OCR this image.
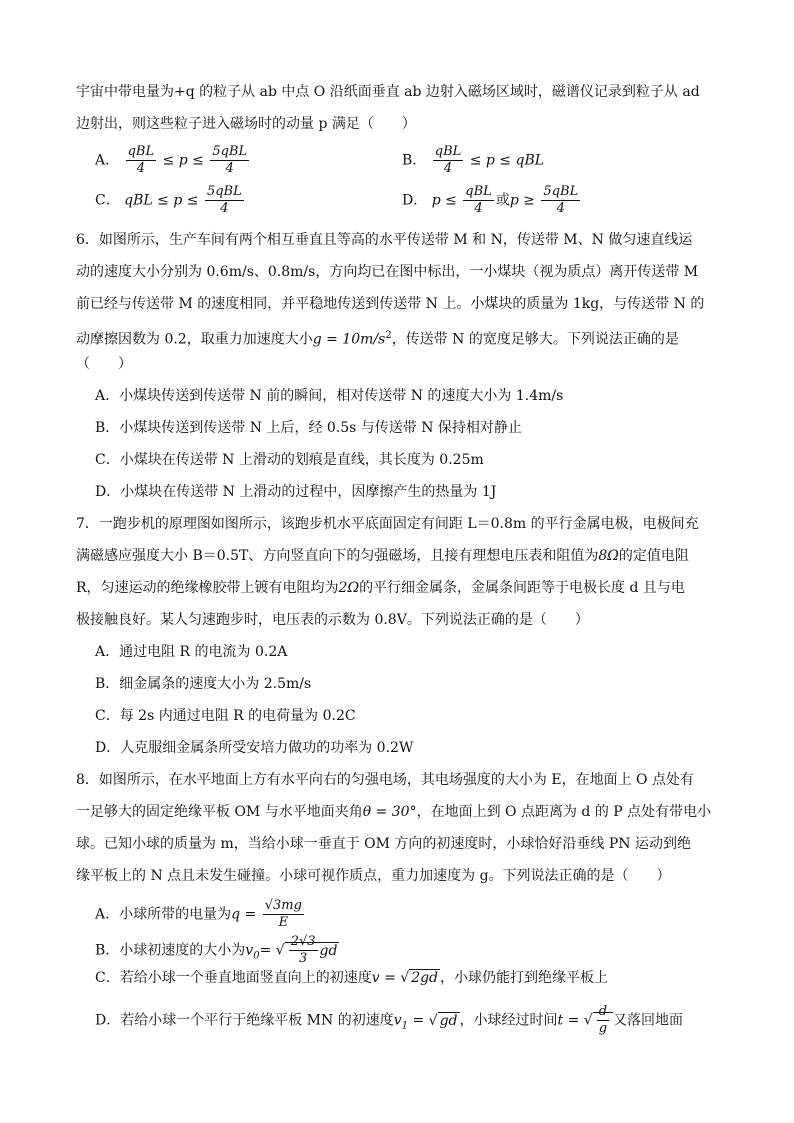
宇宙中带电量为+q 的粒子从 ab 中点 O 沿纸面垂直 ab 边射入磁场区域时，磁谱仪记录到粒子从 ad
边射出，则这些粒子进入磁场时的动量 p 满足（　　）
A． $\frac{\text{qBL}}{4} \le p \le \frac{\text{5qBL}}{4}$	B． $\frac{\text{qBL}}{4} \le p$ ≤ qBL
C． qBL ≤ $p \le \frac{\text{5qBL}}{4}$	D． $p \le \frac{\text{qBL}}{4}$ 或$p \ge \frac{\text{5qBL}}{4}$
6．如图所示，生产车间有两个相互垂直且等高的水平传送带 M 和 N，传送带 M、N 做匀速直线运
动的速度大小分别为 0.6m/s、0.8m/s，方向均已在图中标出，一小煤块（视为质点）离开传送带 M
前已经与传送带 M 的速度相同，并平稳地传送到传送带 N 上。小煤块的质量为 1kg，与传送带 N 的
动摩擦因数为 0.2，取重力加速度大小$g = 10m/s^2$，传送带 N 的宽度足够大。下列说法正确的是
（　　）
A．小煤块传送到传送带 N 前的瞬间，相对传送带 N 的速度大小为 1.4m/s
B．小煤块传送到传送带 N 上后，经 0.5s 与传送带 N 保持相对静止
C．小煤块在传送带 N 上滑动的划痕是直线，其长度为 0.25m
D．小煤块在传送带 N 上滑动的过程中，因摩擦产生的热量为 1J
7．一跑步机的原理图如图所示，该跑步机水平底面固定有间距 L＝0.8m 的平行金属电极，电极间充
满磁感应强度大小 B＝0.5T、方向竖直向下的匀强磁场，且接有理想电压表和阻值为8Ω的定值电阻
R，匀速运动的绝缘橡胶带上镀有电阻均为2Ω的平行细金属条，金属条间距等于电极长度 d 且与电
极接触良好。某人匀速跑步时，电压表的示数为 0.8V。下列说法正确的是（　　）
A．通过电阻 R 的电流为 0.2A
B．细金属条的速度大小为 2.5m/s
C．每 2s 内通过电阻 R 的电荷量为 0.2C
D．人克服细金属条所受安培力做功的功率为 0.2W
8．如图所示，在水平地面上方有水平向右的匀强电场，其电场强度的大小为 E，在地面上 O 点处有
一足够大的固定绝缘平板 OM 与水平地面夹角θ = 30°，在地面上到 O 点距离为 d 的 P 点处有带电小
球。已知小球的质量为 m，当给小球一垂直于 OM 方向的初速度时，小球恰好沿垂线 PN 运动到绝
缘平板上的 N 点且未发生碰撞。小球可视作质点，重力加速度为 g。下列说法正确的是（　　）
A．小球所带的电量为$q = \frac{√3mg}{E}$
B．小球初速度的大小为$v_0=$ √ $\frac{2√3}{3}$ gd
C．若给小球一个垂直地面竖直向上的初速度v = √ 2gd ，小球仍能打到绝缘平板上
D．若给小球一个平行于绝缘平板 MN 的初速度$v_1$ = √ gd ，小球经过时间t = √ $\frac{d}{g}$ 又落回地面
